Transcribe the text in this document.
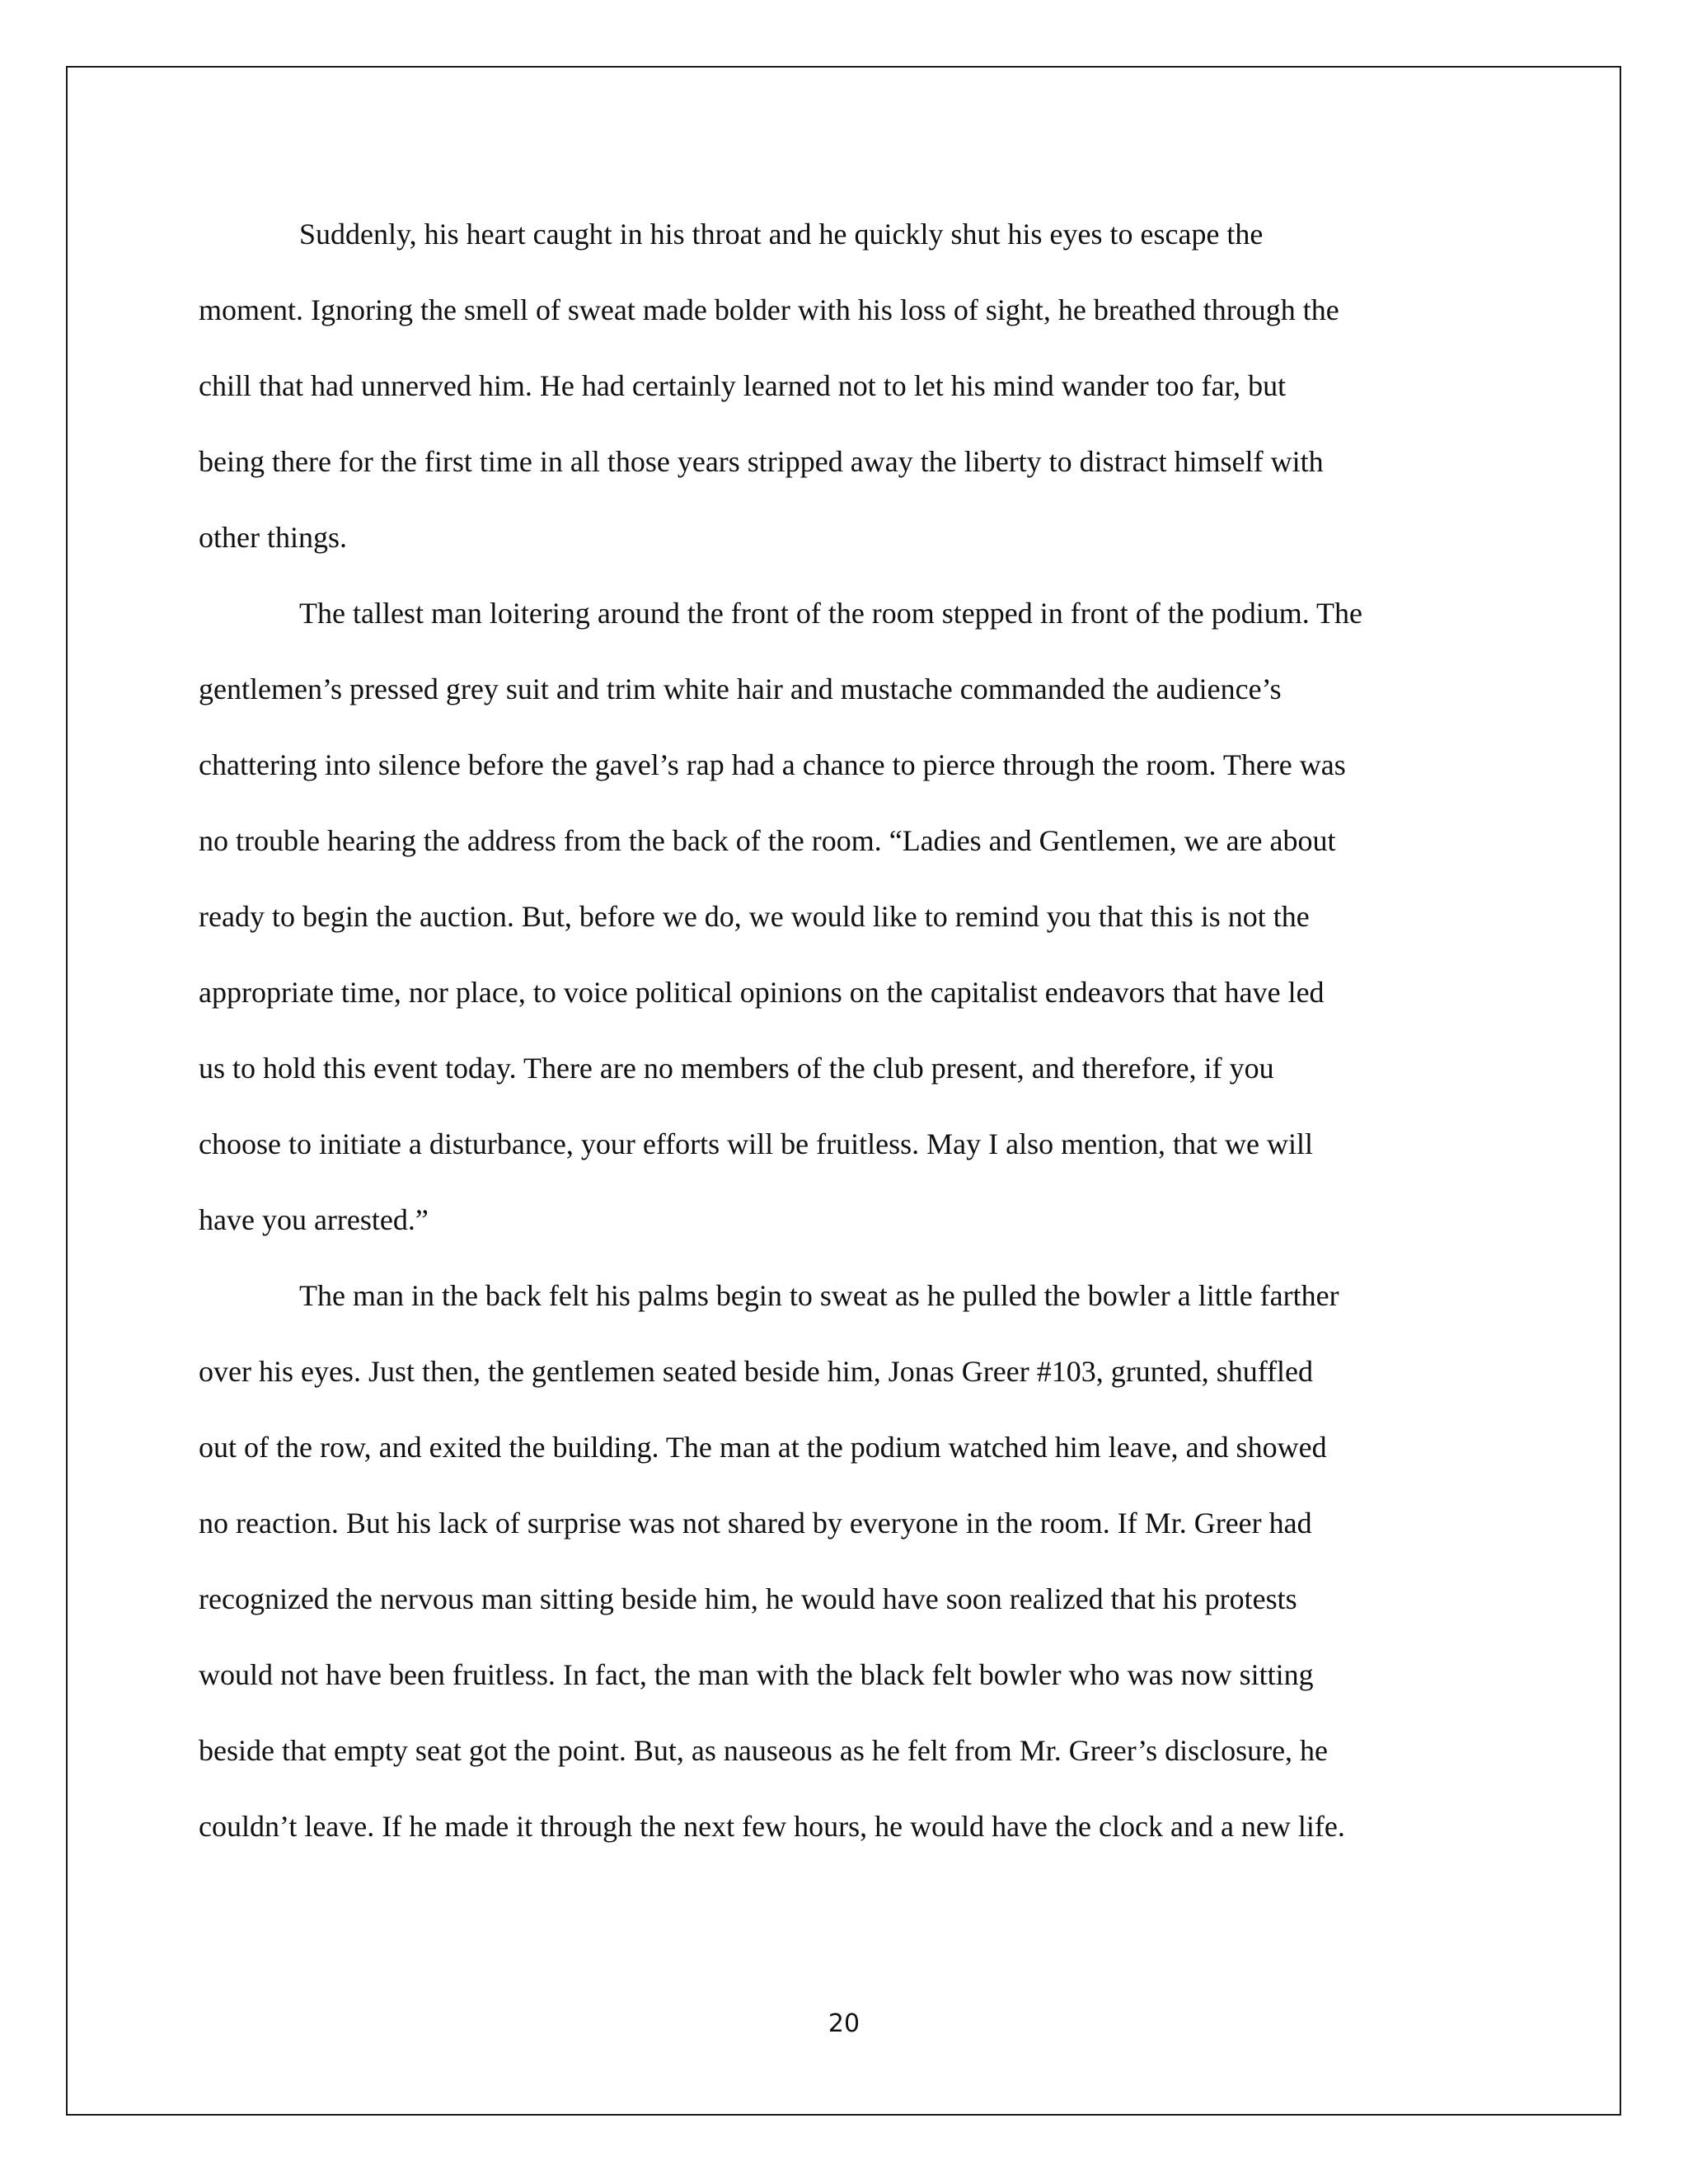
Suddenly, his heart caught in his throat and he quickly shut his eyes to escape the
moment. Ignoring the smell of sweat made bolder with his loss of sight, he breathed through the
chill that had unnerved him. He had certainly learned not to let his mind wander too far, but
being there for the first time in all those years stripped away the liberty to distract himself with
other things.
The tallest man loitering around the front of the room stepped in front of the podium. The
gentlemen’s pressed grey suit and trim white hair and mustache commanded the audience’s
chattering into silence before the gavel’s rap had a chance to pierce through the room. There was
no trouble hearing the address from the back of the room. “Ladies and Gentlemen, we are about
ready to begin the auction. But, before we do, we would like to remind you that this is not the
appropriate time, nor place, to voice political opinions on the capitalist endeavors that have led
us to hold this event today. There are no members of the club present, and therefore, if you
choose to initiate a disturbance, your efforts will be fruitless. May I also mention, that we will
have you arrested.”
The man in the back felt his palms begin to sweat as he pulled the bowler a little farther
over his eyes. Just then, the gentlemen seated beside him, Jonas Greer #103, grunted, shuffled
out of the row, and exited the building. The man at the podium watched him leave, and showed
no reaction. But his lack of surprise was not shared by everyone in the room. If Mr. Greer had
recognized the nervous man sitting beside him, he would have soon realized that his protests
would not have been fruitless. In fact, the man with the black felt bowler who was now sitting
beside that empty seat got the point. But, as nauseous as he felt from Mr. Greer’s disclosure, he
couldn’t leave. If he made it through the next few hours, he would have the clock and a new life.
20
